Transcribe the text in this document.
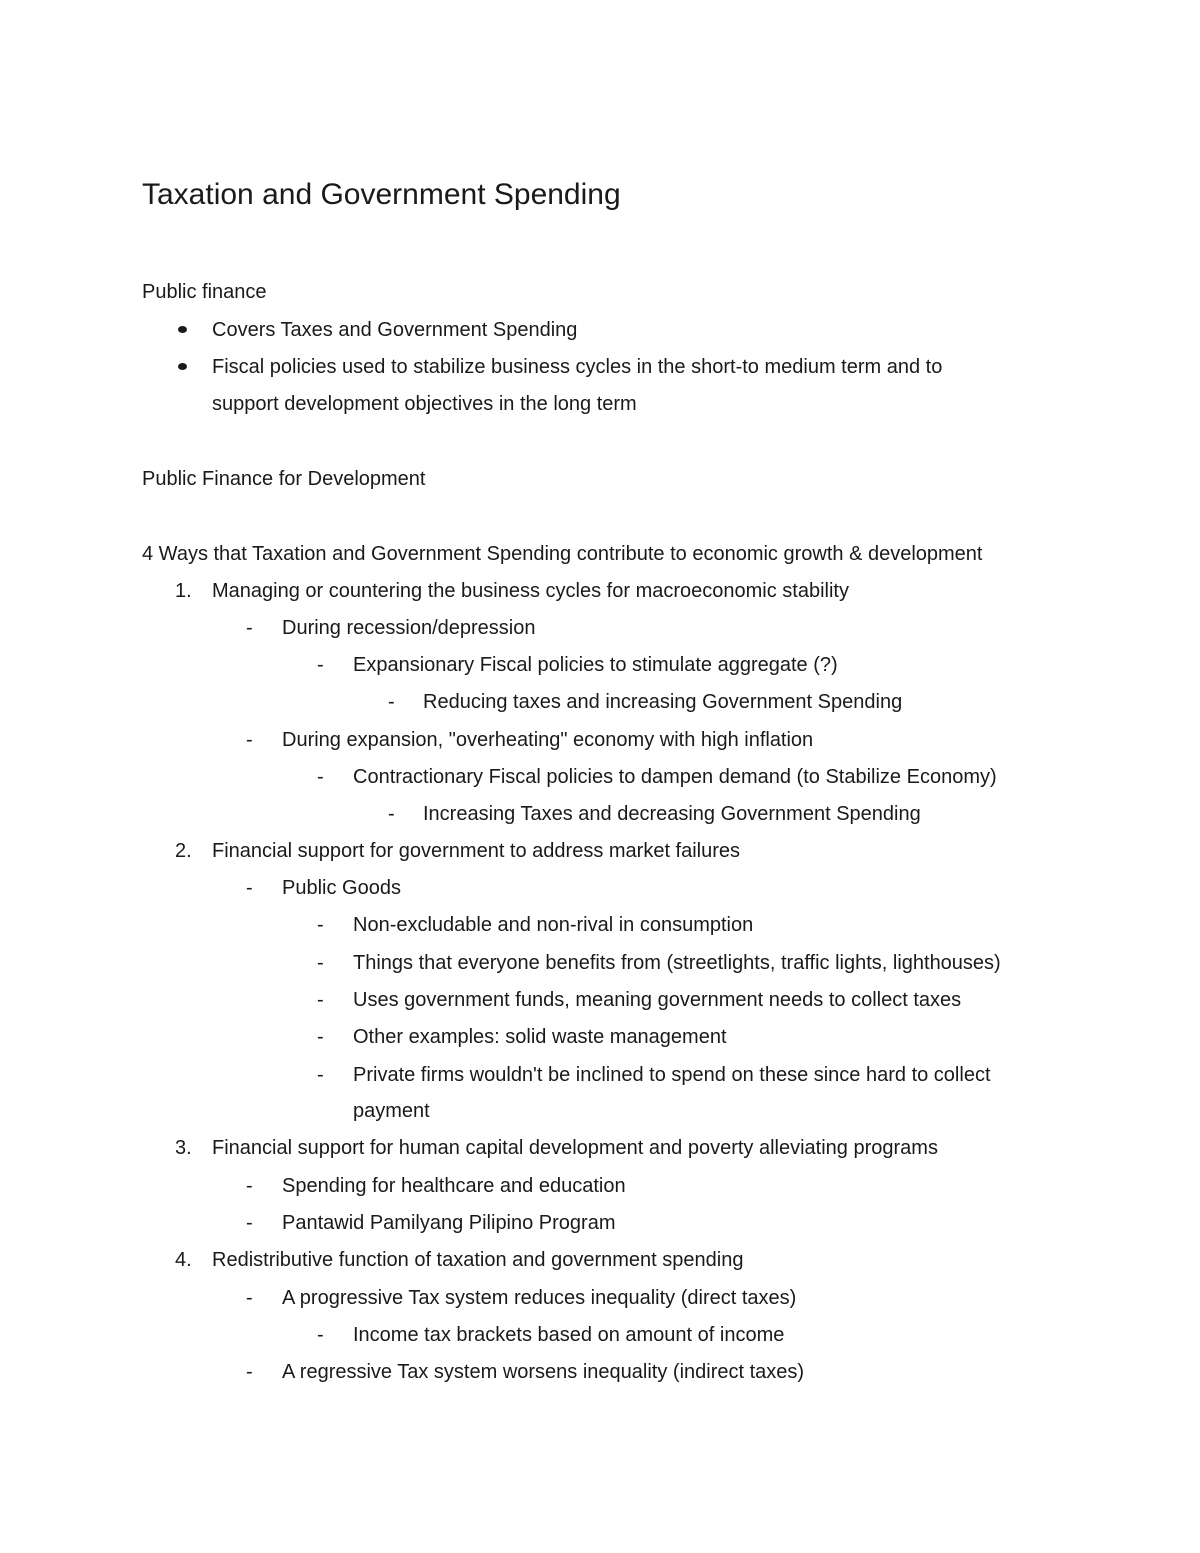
Taxation and Government Spending

Public finance

Covers Taxes and Government Spending

Fiscal policies used to stabilize business cycles in the short-to medium term and to

support development objectives in the long term

Public Finance for Development

4 Ways that Taxation and Government Spending contribute to economic growth & development

1. Managing or countering the business cycles for macroeconomic stability

- During recession/depression

- Expansionary Fiscal policies to stimulate aggregate (?)

- Reducing taxes and increasing Government Spending

- During expansion, "overheating" economy with high inflation

- Contractionary Fiscal policies to dampen demand (to Stabilize Economy)

- Increasing Taxes and decreasing Government Spending

2. Financial support for government to address market failures

- Public Goods

- Non-excludable and non-rival in consumption

- Things that everyone benefits from (streetlights, traffic lights, lighthouses)

- Uses government funds, meaning government needs to collect taxes

- Other examples: solid waste management

- Private firms wouldn't be inclined to spend on these since hard to collect

payment

3. Financial support for human capital development and poverty alleviating programs

- Spending for healthcare and education

- Pantawid Pamilyang Pilipino Program

4. Redistributive function of taxation and government spending

- A progressive Tax system reduces inequality (direct taxes)

- Income tax brackets based on amount of income

- A regressive Tax system worsens inequality (indirect taxes)
